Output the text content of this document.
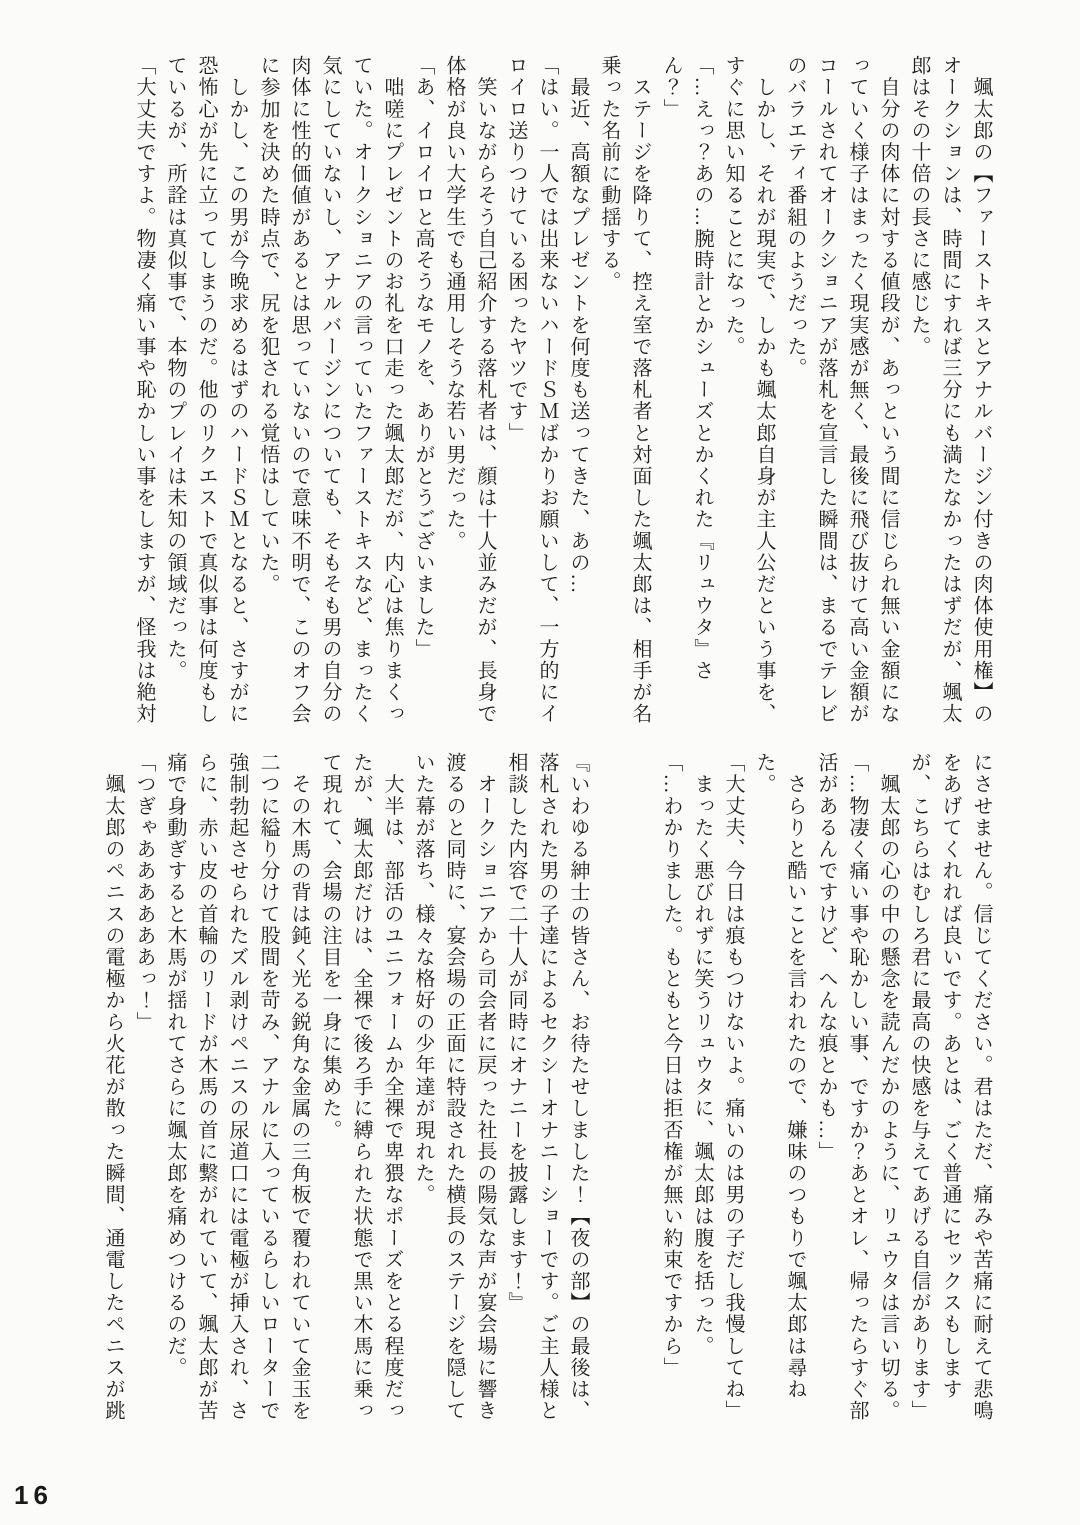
　颯太郎の【ファーストキスとアナルバージン付きの肉体使用権】のオークションは、時間にすれば三分にも満たなかったはずだが、颯太郎はその十倍の長さに感じた。

　自分の肉体に対する値段が、あっという間に信じられ無い金額になっていく様子はまったく現実感が無く、最後に飛び抜けて高い金額がコールされてオークショニアが落札を宣言した瞬間は、まるでテレビのバラエティ番組のようだった。

　しかし、それが現実で、しかも颯太郎自身が主人公だという事を、すぐに思い知ることになった。

「…えっ？あの…腕時計とかシューズとかくれた『リュウタ』さん？」

　ステージを降りて、控え室で落札者と対面した颯太郎は、相手が名乗った名前に動揺する。

　最近、高額なプレゼントを何度も送ってきた、あの…

「はい。一人では出来ないハードＳＭばかりお願いして、一方的にイロイロ送りつけている困ったヤツです」

　笑いながらそう自己紹介する落札者は、顔は十人並みだが、長身で体格が良い大学生でも通用しそうな若い男だった。

「あ、イロイロと高そうなモノを、ありがとうございました」

　咄嗟にプレゼントのお礼を口走った颯太郎だが、内心は焦りまくっていた。オークショニアの言っていたファーストキスなど、まったく気にしていないし、アナルバージンについても、そもそも男の自分の肉体に性的価値があるとは思っていないので意味不明で、このオフ会に参加を決めた時点で、尻を犯される覚悟はしていた。

　しかし、この男が今晩求めるはずのハードＳＭとなると、さすがに恐怖心が先に立ってしまうのだ。他のリクエストで真似事は何度もしているが、所詮は真似事で、本物のプレイは未知の領域だった。

「大丈夫ですよ。物凄く痛い事や恥かしい事をしますが、怪我は絶対

にさせません。信じてください。君はただ、痛みや苦痛に耐えて悲鳴をあげてくれれば良いです。あとは、ごく普通にセックスもしますが、こちらはむしろ君に最高の快感を与えてあげる自信があります」

　颯太郎の心の中の懸念を読んだかのように、リュウタは言い切る。

「…物凄く痛い事や恥かしい事、ですか？あとオレ、帰ったらすぐ部活があるんですけど、へんな痕とかも…」

　さらりと酷いことを言われたので、嫌味のつもりで颯太郎は尋ねた。

「大丈夫、今日は痕もつけないよ。痛いのは男の子だし我慢してね」

　まったく悪びれずに笑うリュウタに、颯太郎は腹を括った。

「…わかりました。もともと今日は拒否権が無い約束ですから」

『いわゆる紳士の皆さん、お待たせしました！【夜の部】の最後は、落札された男の子達によるセクシーオナニーショーです。ご主人様と相談した内容で二十人が同時にオナニーを披露します！』

　オークショニアから司会者に戻った社長の陽気な声が宴会場に響き渡るのと同時に、宴会場の正面に特設された横長のステージを隠していた幕が落ち、様々な格好の少年達が現れた。

　大半は、部活のユニフォームか全裸で卑猥なポーズをとる程度だったが、颯太郎だけは、全裸で後ろ手に縛られた状態で黒い木馬に乗って現れて、会場の注目を一身に集めた。

　その木馬の背は鈍く光る鋭角な金属の三角板で覆われていて金玉を二つに縊り分けて股間を苛み、アナルに入っているらしいローターで強制勃起させられたズル剥けペニスの尿道口には電極が挿入され、さらに、赤い皮の首輪のリードが木馬の首に繋がれていて、颯太郎が苦痛で身動ぎすると木馬が揺れてさらに颯太郎を痛めつけるのだ。

「つぎゃああああああっ！」

　颯太郎のペニスの電極から火花が散った瞬間、通電したペニスが跳

16
